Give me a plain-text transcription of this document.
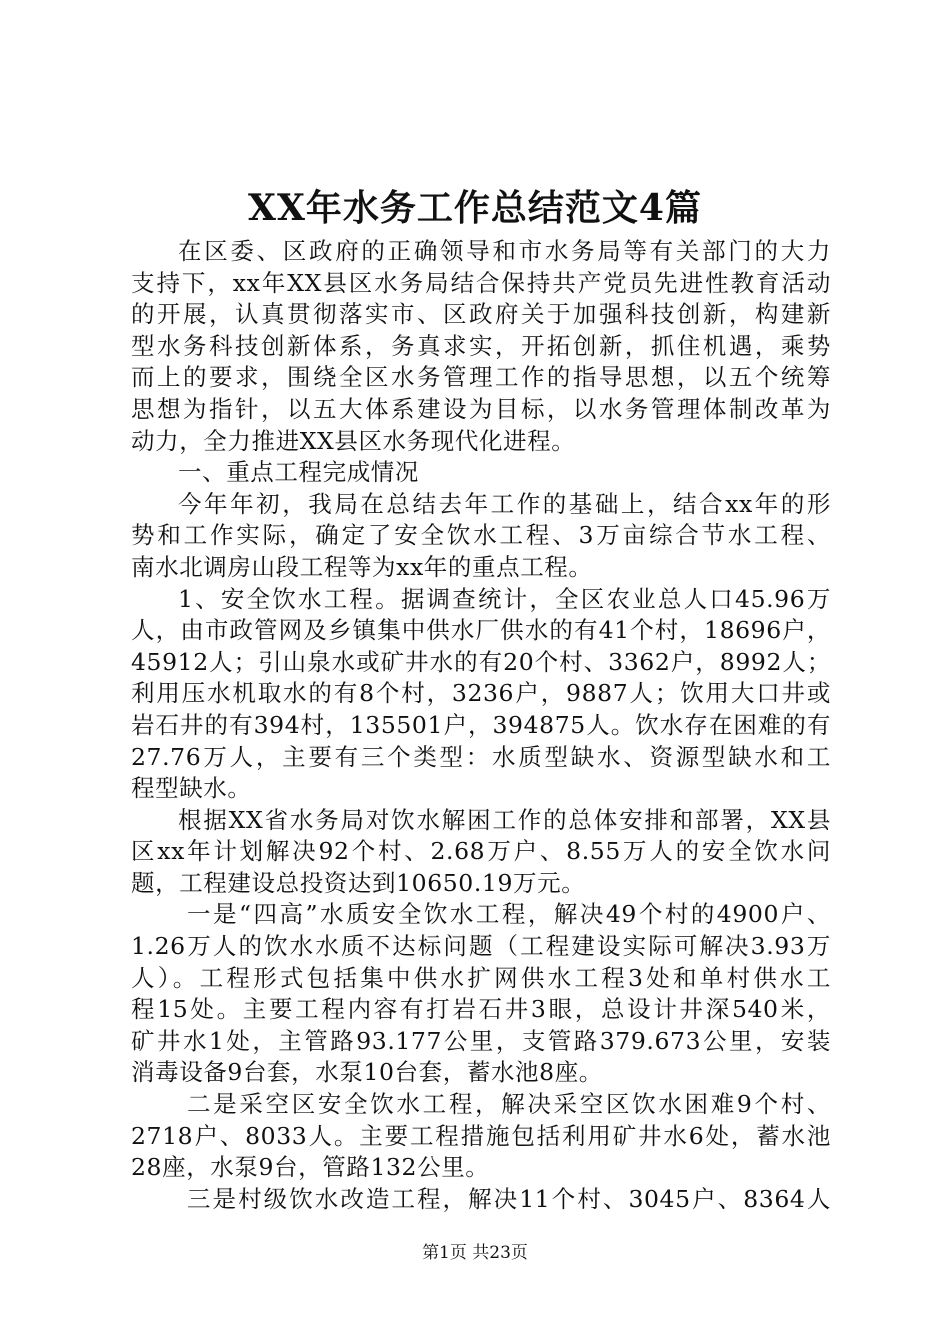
XX年水务工作总结范文4篇
在区委、区政府的正确领导和市水务局等有关部门的大力
支持下，xx年XX县区水务局结合保持共产党员先进性教育活动
的开展，认真贯彻落实市、区政府关于加强科技创新，构建新
型水务科技创新体系，务真求实，开拓创新，抓住机遇，乘势
而上的要求，围绕全区水务管理工作的指导思想，以五个统筹
思想为指针，以五大体系建设为目标，以水务管理体制改革为
动力，全力推进XX县区水务现代化进程。
一、重点工程完成情况
今年年初，我局在总结去年工作的基础上，结合xx年的形
势和工作实际，确定了安全饮水工程、3万亩综合节水工程、
南水北调房山段工程等为xx年的重点工程。
1、安全饮水工程。据调查统计，全区农业总人口45.96万
人，由市政管网及乡镇集中供水厂供水的有41个村，18696户，
45912人；引山泉水或矿井水的有20个村、3362户，8992人；
利用压水机取水的有8个村，3236户，9887人；饮用大口井或
岩石井的有394村，135501户，394875人。饮水存在困难的有
27.76万人，主要有三个类型：水质型缺水、资源型缺水和工
程型缺水。
根据XX省水务局对饮水解困工作的总体安排和部署，XX县
区xx年计划解决92个村、2.68万户、8.55万人的安全饮水问
题，工程建设总投资达到10650.19万元。
一是“四高”水质安全饮水工程，解决49个村的4900户、
1.26万人的饮水水质不达标问题（工程建设实际可解决3.93万
人）。工程形式包括集中供水扩网供水工程3处和单村供水工
程15处。主要工程内容有打岩石井3眼，总设计井深540米，
矿井水1处，主管路93.177公里，支管路379.673公里，安装
消毒设备9台套，水泵10台套，蓄水池8座。
二是采空区安全饮水工程，解决采空区饮水困难9个村、
2718户、8033人。主要工程措施包括利用矿井水6处，蓄水池
28座，水泵9台，管路132公里。
三是村级饮水改造工程，解决11个村、3045户、8364人
第1页 共23页
